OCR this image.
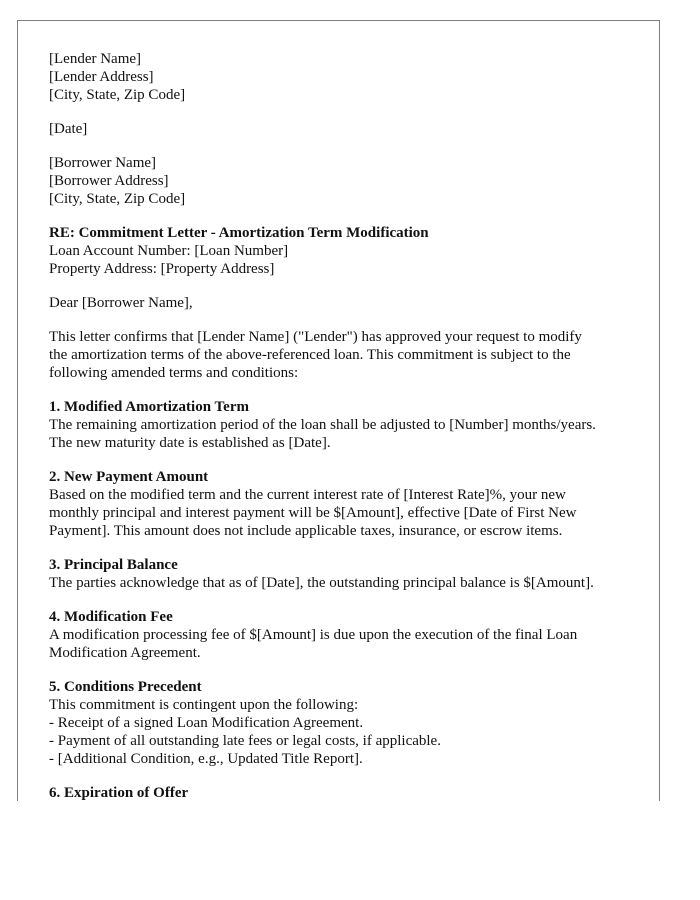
[Lender Name]
[Lender Address]
[City, State, Zip Code]
[Date]
[Borrower Name]
[Borrower Address]
[City, State, Zip Code]
RE: Commitment Letter - Amortization Term Modification
Loan Account Number: [Loan Number]
Property Address: [Property Address]
Dear [Borrower Name],
This letter confirms that [Lender Name] ("Lender") has approved your request to modify
the amortization terms of the above-referenced loan. This commitment is subject to the
following amended terms and conditions:
1. Modified Amortization Term
The remaining amortization period of the loan shall be adjusted to [Number] months/years.
The new maturity date is established as [Date].
2. New Payment Amount
Based on the modified term and the current interest rate of [Interest Rate]%, your new
monthly principal and interest payment will be $[Amount], effective [Date of First New
Payment]. This amount does not include applicable taxes, insurance, or escrow items.
3. Principal Balance
The parties acknowledge that as of [Date], the outstanding principal balance is $[Amount].
4. Modification Fee
A modification processing fee of $[Amount] is due upon the execution of the final Loan
Modification Agreement.
5. Conditions Precedent
This commitment is contingent upon the following:
- Receipt of a signed Loan Modification Agreement.
- Payment of all outstanding late fees or legal costs, if applicable.
- [Additional Condition, e.g., Updated Title Report].
6. Expiration of Offer
